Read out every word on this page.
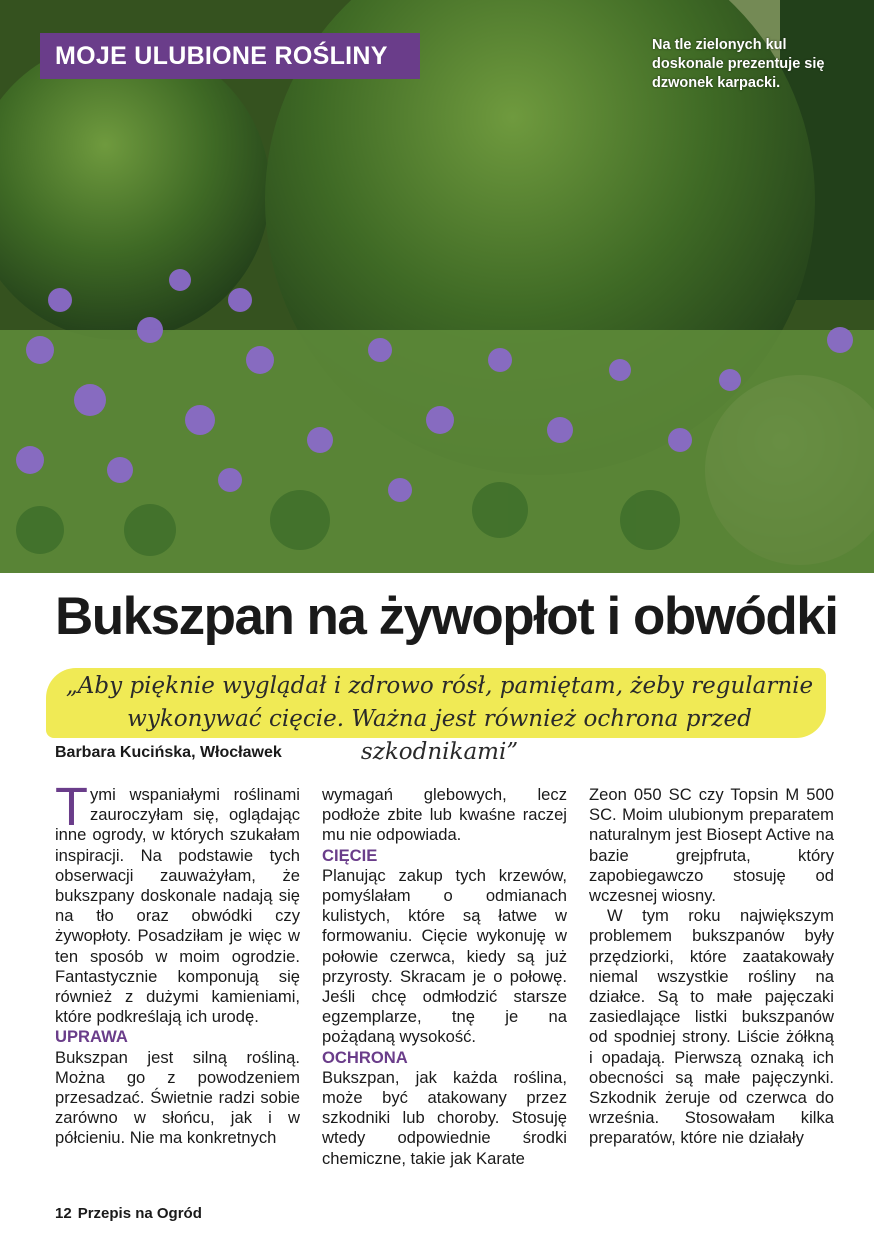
MOJE ULUBIONE ROŚLINY	Na tle zielonych kul doskonale prezentuje się dzwonek karpacki.
Bukszpan na żywopłot i obwódki
„Aby pięknie wyglądał i zdrowo rósł, pamiętam, żeby regularnie wykonywać cięcie. Ważna jest również ochrona przed szkodnikami”
Barbara Kucińska, Włocławek

Tymi wspaniałymi roślinami zauroczyłam się, oglądając inne ogrody, w których szukałam inspiracji. Na podstawie tych obserwacji zauważyłam, że bukszpany doskonale nadają się na tło oraz obwódki czy żywopłoty. Posadziłam je więc w ten sposób w moim ogrodzie. Fantastycznie komponują się również z dużymi kamieniami, które podkreślają ich urodę.

UPRAWA

Bukszpan jest silną rośliną. Można go z powodzeniem przesadzać. Świetnie radzi sobie zarówno w słońcu, jak i w półcieniu. Nie ma konkretnych

wymagań glebowych, lecz podłoże zbite lub kwaśne raczej mu nie odpowiada.

CIĘCIE

Planując zakup tych krzewów, pomyślałam o odmianach kulistych, które są łatwe w formowaniu. Cięcie wykonuję w połowie czerwca, kiedy są już przyrosty. Skracam je o połowę. Jeśli chcę odmłodzić starsze egzemplarze, tnę je na pożądaną wysokość.

OCHRONA

Bukszpan, jak każda roślina, może być atakowany przez szkodniki lub choroby. Stosuję wtedy odpowiednie środki chemiczne, takie jak Karate

Zeon 050 SC czy Topsin M 500 SC. Moim ulubionym preparatem naturalnym jest Biosept Active na bazie grejpfruta, który zapobiegawczo stosuję od wczesnej wiosny.

W tym roku największym problemem bukszpanów były przędziorki, które zaatakowały niemal wszystkie rośliny na działce. Są to małe pajęczaki zasiedlające listki bukszpanów od spodniej strony. Liście żółkną i opadają. Pierwszą oznaką ich obecności są małe pajęczynki. Szkodnik żeruje od czerwca do września. Stosowałam kilka preparatów, które nie działały

12 Przepis na Ogród
